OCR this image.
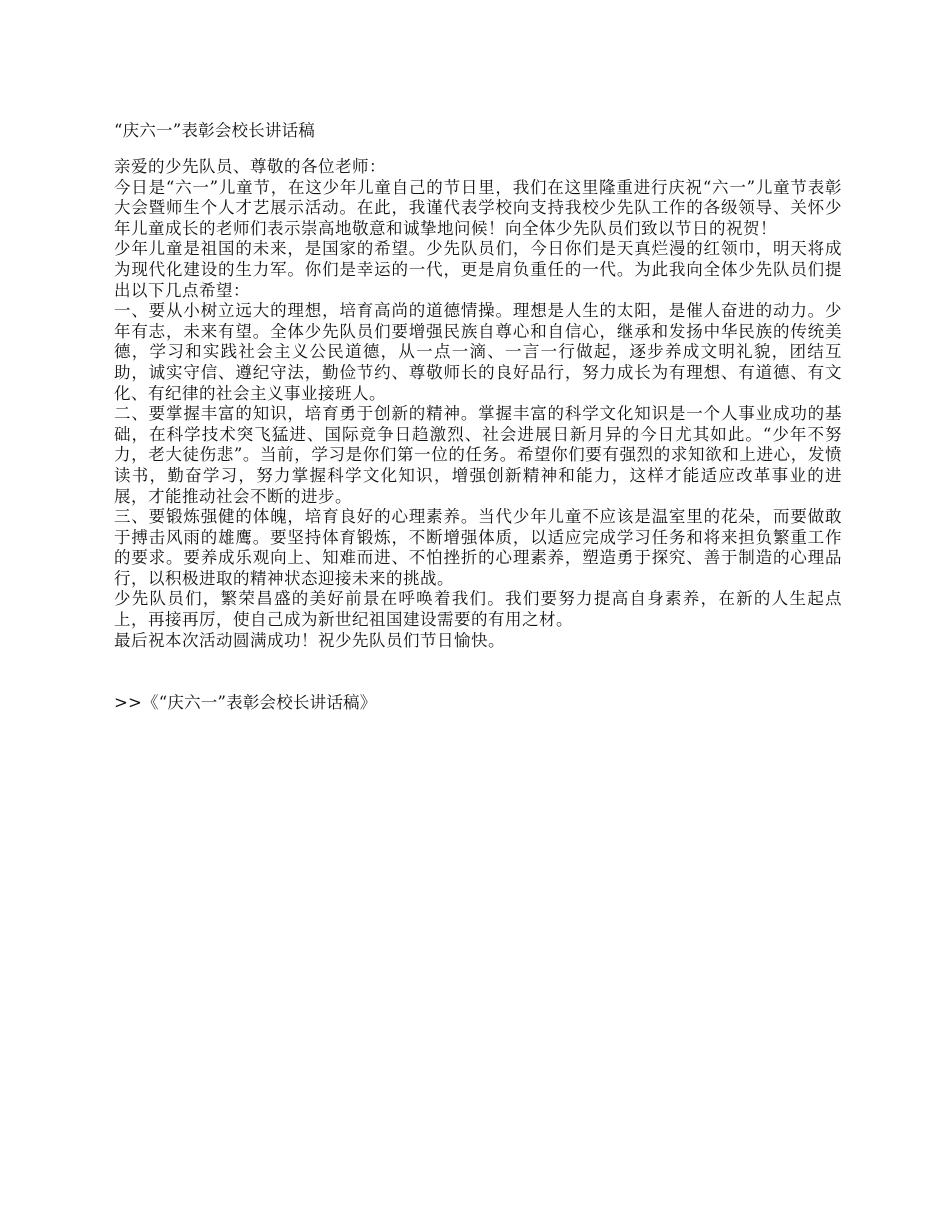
“庆六一”表彰会校长讲话稿

亲爱的少先队员、尊敬的各位老师：

今日是“六一”儿童节，在这少年儿童自己的节日里，我们在这里隆重进行庆祝“六一”儿童节表彰大会暨师生个人才艺展示活动。在此，我谨代表学校向支持我校少先队工作的各级领导、关怀少年儿童成长的老师们表示崇高地敬意和诚挚地问候！向全体少先队员们致以节日的祝贺！

少年儿童是祖国的未来，是国家的希望。少先队员们，今日你们是天真烂漫的红领巾，明天将成为现代化建设的生力军。你们是幸运的一代，更是肩负重任的一代。为此我向全体少先队员们提出以下几点希望：

一、要从小树立远大的理想，培育高尚的道德情操。理想是人生的太阳，是催人奋进的动力。少年有志，未来有望。全体少先队员们要增强民族自尊心和自信心，继承和发扬中华民族的传统美德，学习和实践社会主义公民道德，从一点一滴、一言一行做起，逐步养成文明礼貌，团结互助，诚实守信、遵纪守法，勤俭节约、尊敬师长的良好品行，努力成长为有理想、有道德、有文化、有纪律的社会主义事业接班人。

二、要掌握丰富的知识，培育勇于创新的精神。掌握丰富的科学文化知识是一个人事业成功的基础，在科学技术突飞猛进、国际竞争日趋激烈、社会进展日新月异的今日尤其如此。“少年不努力，老大徒伤悲”。当前，学习是你们第一位的任务。希望你们要有强烈的求知欲和上进心，发愤读书，勤奋学习，努力掌握科学文化知识，增强创新精神和能力，这样才能适应改革事业的进展，才能推动社会不断的进步。

三、要锻炼强健的体魄，培育良好的心理素养。当代少年儿童不应该是温室里的花朵，而要做敢于搏击风雨的雄鹰。要坚持体育锻炼，不断增强体质，以适应完成学习任务和将来担负繁重工作的要求。要养成乐观向上、知难而进、不怕挫折的心理素养，塑造勇于探究、善于制造的心理品行，以积极进取的精神状态迎接未来的挑战。

少先队员们，繁荣昌盛的美好前景在呼唤着我们。我们要努力提高自身素养，在新的人生起点上，再接再厉，使自己成为新世纪祖国建设需要的有用之材。

最后祝本次活动圆满成功！祝少先队员们节日愉快。

>>《“庆六一”表彰会校长讲话稿》
